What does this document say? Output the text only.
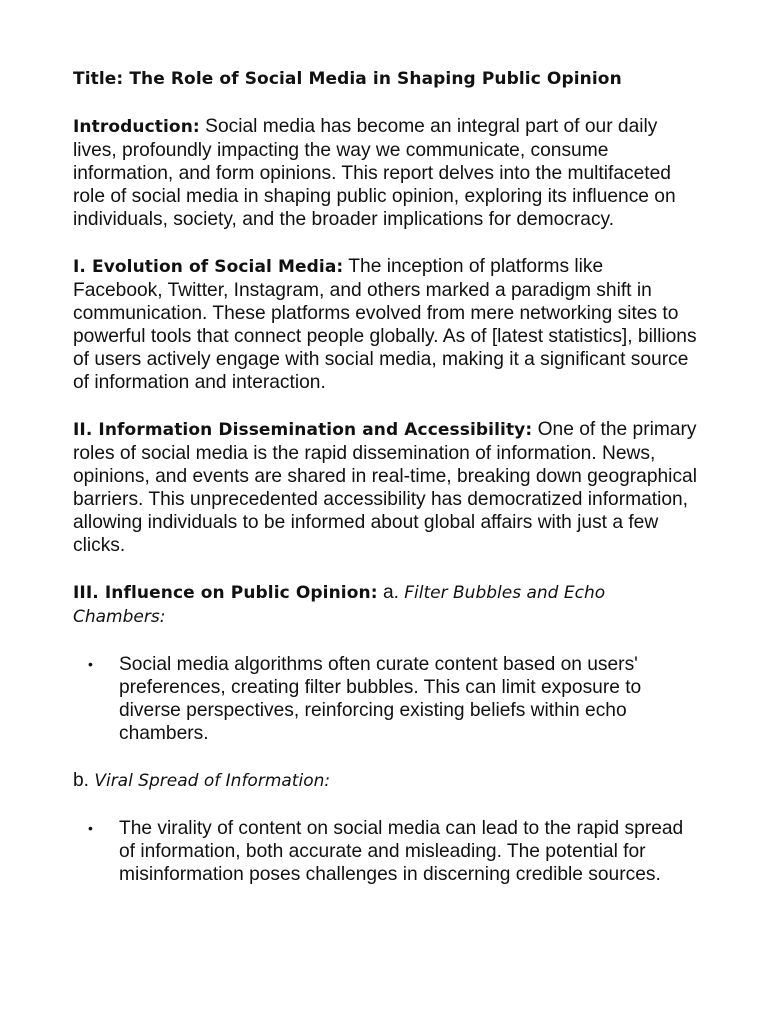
Title: The Role of Social Media in Shaping Public Opinion
Introduction: Social media has become an integral part of our daily lives, profoundly impacting the way we communicate, consume information, and form opinions. This report delves into the multifaceted role of social media in shaping public opinion, exploring its influence on individuals, society, and the broader implications for democracy.
I. Evolution of Social Media: The inception of platforms like Facebook, Twitter, Instagram, and others marked a paradigm shift in communication. These platforms evolved from mere networking sites to powerful tools that connect people globally. As of [latest statistics], billions of users actively engage with social media, making it a significant source of information and interaction.
II. Information Dissemination and Accessibility: One of the primary roles of social media is the rapid dissemination of information. News, opinions, and events are shared in real-time, breaking down geographical barriers. This unprecedented accessibility has democratized information, allowing individuals to be informed about global affairs with just a few clicks.
III. Influence on Public Opinion: a. Filter Bubbles and Echo Chambers:
• Social media algorithms often curate content based on users' preferences, creating filter bubbles. This can limit exposure to diverse perspectives, reinforcing existing beliefs within echo chambers.
b. Viral Spread of Information:
• The virality of content on social media can lead to the rapid spread of information, both accurate and misleading. The potential for misinformation poses challenges in discerning credible sources.
